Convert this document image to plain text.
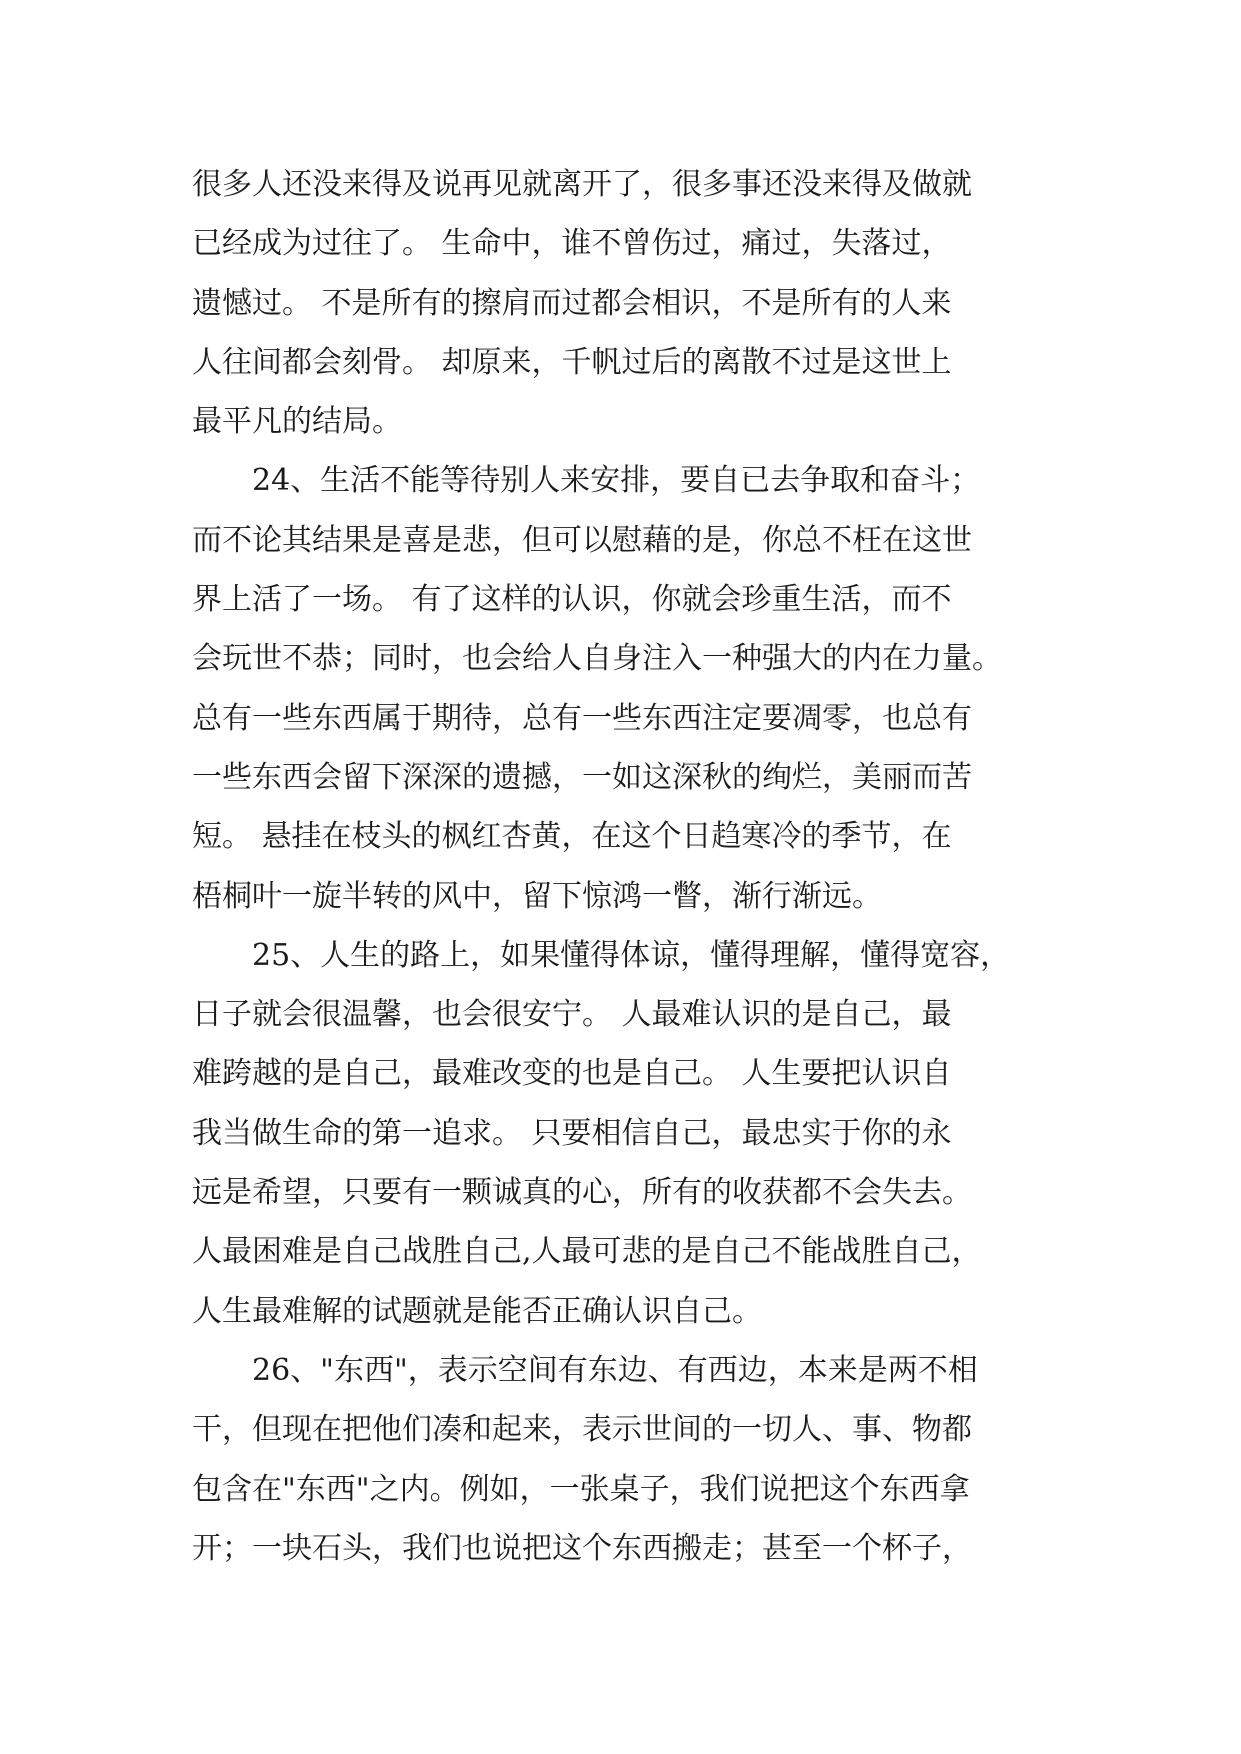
很多人还没来得及说再见就离开了，很多事还没来得及做就
已经成为过往了。 生命中，谁不曾伤过，痛过，失落过，
遗憾过。 不是所有的擦肩而过都会相识，不是所有的人来
人往间都会刻骨。 却原来，千帆过后的离散不过是这世上
最平凡的结局。
24、生活不能等待别人来安排，要自已去争取和奋斗；
而不论其结果是喜是悲，但可以慰藉的是，你总不枉在这世
界上活了一场。 有了这样的认识，你就会珍重生活，而不
会玩世不恭；同时，也会给人自身注入一种强大的内在力量。
总有一些东西属于期待，总有一些东西注定要凋零，也总有
一些东西会留下深深的遗撼，一如这深秋的绚烂，美丽而苦
短。 悬挂在枝头的枫红杏黄，在这个日趋寒冷的季节，在
梧桐叶一旋半转的风中，留下惊鸿一瞥，渐行渐远。
25、人生的路上，如果懂得体谅，懂得理解，懂得宽容，
日子就会很温馨，也会很安宁。 人最难认识的是自己，最
难跨越的是自己，最难改变的也是自己。 人生要把认识自
我当做生命的第一追求。 只要相信自己，最忠实于你的永
远是希望，只要有一颗诚真的心，所有的收获都不会失去。
人最困难是自己战胜自己,人最可悲的是自己不能战胜自己，
人生最难解的试题就是能否正确认识自己。
26、"东西"，表示空间有东边、有西边，本来是两不相
干，但现在把他们凑和起来，表示世间的一切人、事、物都
包含在"东西"之内。例如，一张桌子，我们说把这个东西拿
开；一块石头，我们也说把这个东西搬走；甚至一个杯子，
